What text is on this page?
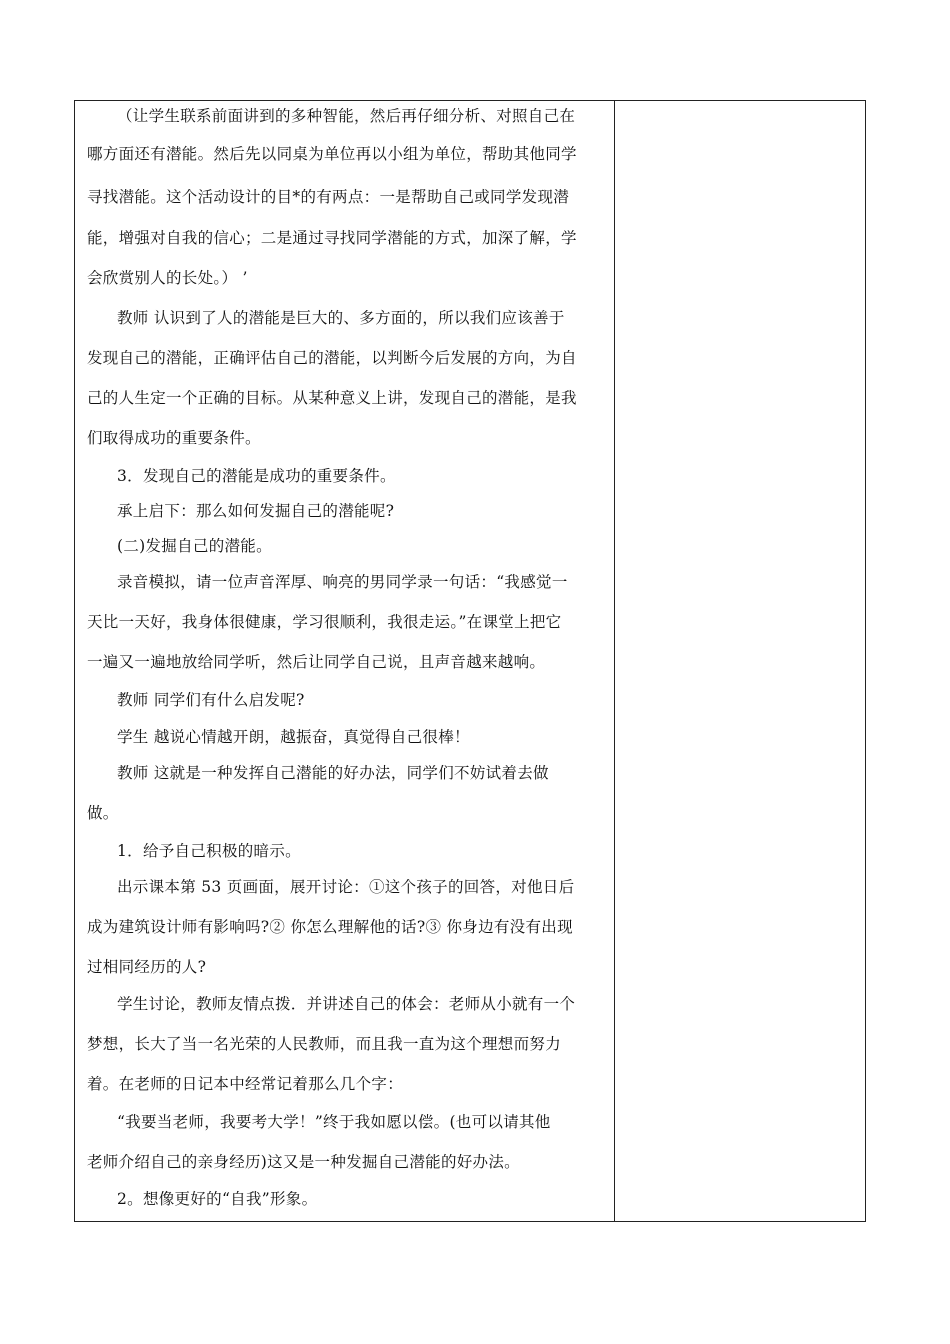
（让学生联系前面讲到的多种智能，然后再仔细分析、对照自己在
哪方面还有潜能。然后先以同桌为单位再以小组为单位，帮助其他同学
寻找潜能。这个活动设计的目*的有两点：一是帮助自己或同学发现潜
能，增强对自我的信心；二是通过寻找同学潜能的方式，加深了解，学
会欣赏别人的长处。） ’
教师 认识到了人的潜能是巨大的、多方面的，所以我们应该善于
发现自己的潜能，正确评估自己的潜能，以判断今后发展的方向，为自
己的人生定一个正确的目标。从某种意义上讲，发现自己的潜能，是我
们取得成功的重要条件。
3．发现自己的潜能是成功的重要条件。
承上启下：那么如何发掘自己的潜能呢?
(二)发掘自己的潜能。
录音模拟，请一位声音浑厚、响亮的男同学录一句话：“我感觉一
天比一天好，我身体很健康，学习很顺利，我很走运。”在课堂上把它
一遍又一遍地放给同学听，然后让同学自己说，且声音越来越响。
教师 同学们有什么启发呢?
学生 越说心情越开朗，越振奋，真觉得自己很棒！
教师 这就是一种发挥自己潜能的好办法，同学们不妨试着去做
做。
1．给予自己积极的暗示。
出示课本第 53 页画面，展开讨论：①这个孩子的回答，对他日后
成为建筑设计师有影响吗?② 你怎么理解他的话?③ 你身边有没有出现
过相同经历的人?
学生讨论，教师友情点拨．并讲述自己的体会：老师从小就有一个
梦想，长大了当一名光荣的人民教师，而且我一直为这个理想而努力
着。在老师的日记本中经常记着那么几个字：
“我要当老师，我要考大学！”终于我如愿以偿。(也可以请其他
老师介绍自己的亲身经历)这又是一种发掘自己潜能的好办法。
2。想像更好的“自我”形象。
